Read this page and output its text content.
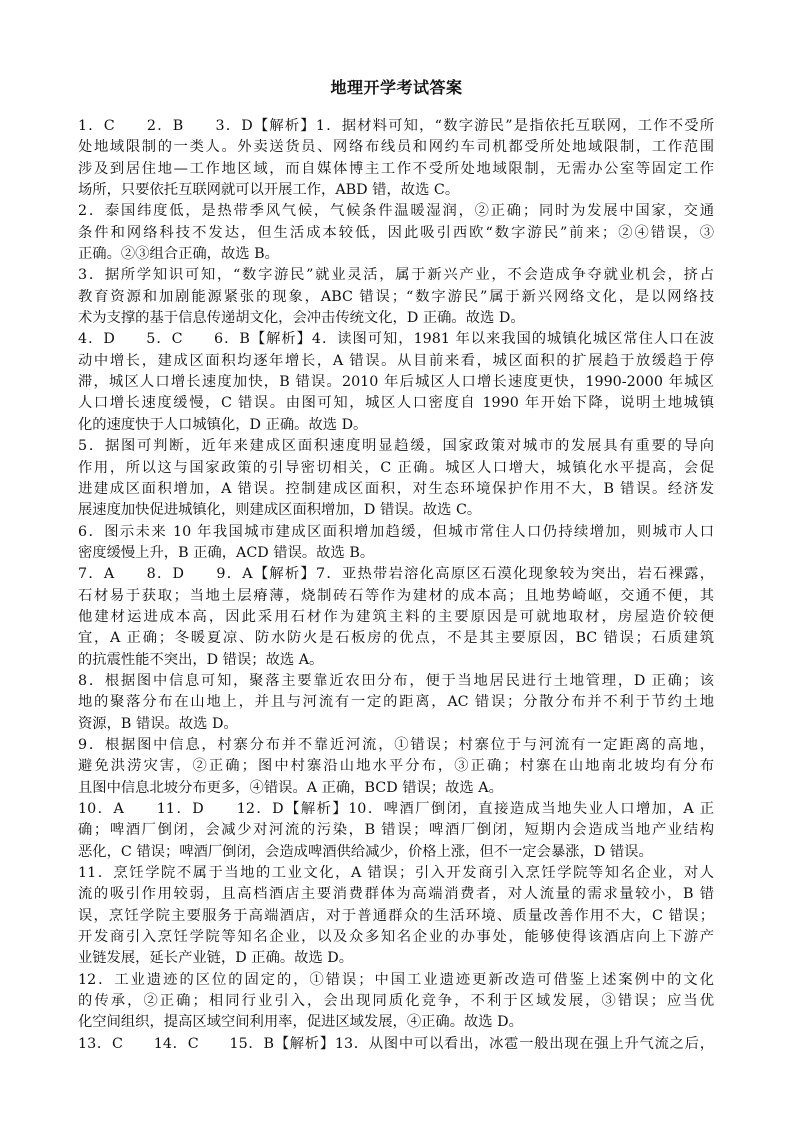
地理开学考试答案
1．C　　2．B　　3．D【解析】1．据材料可知，“数字游民”是指依托互联网，工作不受所
处地域限制的一类人。外卖送货员、网络布线员和网约车司机都受所处地域限制，工作范围
涉及到居住地—工作地区域，而自媒体博主工作不受所处地域限制，无需办公室等固定工作
场所，只要依托互联网就可以开展工作，ABD 错，故选 C。
2．泰国纬度低，是热带季风气候，气候条件温暖湿润，②正确；同时为发展中国家，交通
条件和网络科技不发达，但生活成本较低，因此吸引西欧“数字游民”前来；②④错误，③
正确。②③组合正确，故选 B。
3．据所学知识可知，“数字游民”就业灵活，属于新兴产业，不会造成争夺就业机会，挤占
教育资源和加剧能源紧张的现象，ABC 错误；“数字游民”属于新兴网络文化，是以网络技
术为支撑的基于信息传递胡文化，会冲击传统文化，D 正确。故选 D。
4．D　　5．C　　6．B【解析】4．读图可知，1981 年以来我国的城镇化城区常住人口在波
动中增长，建成区面积均逐年增长，A 错误。从目前来看，城区面积的扩展趋于放缓趋于停
滞，城区人口增长速度加快，B 错误。2010 年后城区人口增长速度更快，1990-2000 年城区
人口增长速度缓慢，C 错误。由图可知，城区人口密度自 1990 年开始下降，说明土地城镇
化的速度快于人口城镇化，D 正确。故选 D。
5．据图可判断，近年来建成区面积速度明显趋缓，国家政策对城市的发展具有重要的导向
作用，所以这与国家政策的引导密切相关，C 正确。城区人口增大，城镇化水平提高，会促
进建成区面积增加，A 错误。控制建成区面积，对生态环境保护作用不大，B 错误。经济发
展速度加快促进城镇化，则建成区面积增加，D 错误。故选 C。
6．图示未来 10 年我国城市建成区面积增加趋缓，但城市常住人口仍持续增加，则城市人口
密度缓慢上升，B 正确，ACD 错误。故选 B。
7．A　　8．D　　9．A【解析】7．亚热带岩溶化高原区石漠化现象较为突出，岩石裸露，
石材易于获取；当地土层瘠薄，烧制砖石等作为建材的成本高；且地势崎岖，交通不便，其
他建材运进成本高，因此采用石材作为建筑主料的主要原因是可就地取材，房屋造价较便
宜，A 正确；冬暖夏凉、防水防火是石板房的优点，不是其主要原因，BC 错误；石质建筑
的抗震性能不突出，D 错误；故选 A。
8．根据图中信息可知，聚落主要靠近农田分布，便于当地居民进行土地管理，D 正确；该
地的聚落分布在山地上，并且与河流有一定的距离，AC 错误；分散分布并不利于节约土地
资源，B 错误。故选 D。
9．根据图中信息，村寨分布并不靠近河流，①错误；村寨位于与河流有一定距离的高地，
避免洪涝灾害，②正确；图中村寨沿山地水平分布，③正确；村寨在山地南北坡均有分布
且图中信息北坡分布更多，④错误。A 正确，BCD 错误；故选 A。
10．A　　11．D　　12．D【解析】10．啤酒厂倒闭，直接造成当地失业人口增加，A 正
确；啤酒厂倒闭，会减少对河流的污染，B 错误；啤酒厂倒闭，短期内会造成当地产业结构
恶化，C 错误；啤酒厂倒闭，会造成啤酒供给减少，价格上涨，但不一定会暴涨，D 错误。
11．烹饪学院不属于当地的工业文化，A 错误；引入开发商引入烹饪学院等知名企业，对人
流的吸引作用较弱，且高档酒店主要消费群体为高端消费者，对人流量的需求量较小，B 错
误，烹饪学院主要服务于高端酒店，对于普通群众的生活环境、质量改善作用不大，C 错误；
开发商引入烹饪学院等知名企业，以及众多知名企业的办事处，能够使得该酒店向上下游产
业链发展，延长产业链，D 正确。故选 D。
12．工业遗迹的区位的固定的，①错误；中国工业遗迹更新改造可借鉴上述案例中的文化
的传承，②正确；相同行业引入，会出现同质化竞争，不利于区域发展，③错误；应当优
化空间组织，提高区域空间利用率，促进区域发展，④正确。故选 D。
13．C　　14．C　　15．B【解析】13．从图中可以看出，冰雹一般出现在强上升气流之后，
